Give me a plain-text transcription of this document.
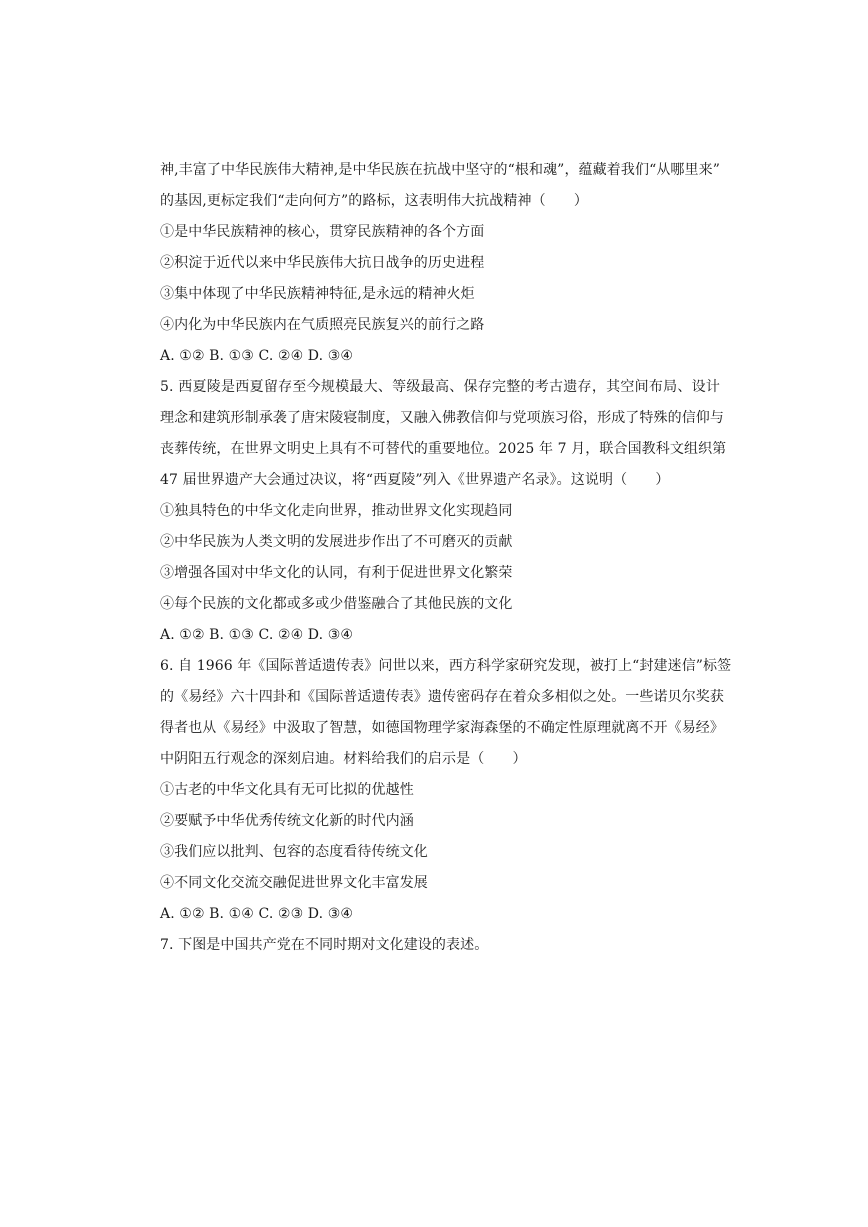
神,丰富了中华民族伟大精神,是中华民族在抗战中坚守的“根和魂”，蕴藏着我们“从哪里来”
的基因,更标定我们“走向何方”的路标，这表明伟大抗战精神（　　）
①是中华民族精神的核心，贯穿民族精神的各个方面
②积淀于近代以来中华民族伟大抗日战争的历史进程
③集中体现了中华民族精神特征,是永远的精神火炬
④内化为中华民族内在气质照亮民族复兴的前行之路
A. ①② B. ①③ C. ②④ D. ③④
5. 西夏陵是西夏留存至今规模最大、等级最高、保存完整的考古遗存，其空间布局、设计
理念和建筑形制承袭了唐宋陵寝制度，又融入佛教信仰与党项族习俗，形成了特殊的信仰与
丧葬传统，在世界文明史上具有不可替代的重要地位。2025 年 7 月，联合国教科文组织第
47 届世界遗产大会通过决议，将“西夏陵”列入《世界遗产名录》。这说明（　　）
①独具特色的中华文化走向世界，推动世界文化实现趋同
②中华民族为人类文明的发展进步作出了不可磨灭的贡献
③增强各国对中华文化的认同，有利于促进世界文化繁荣
④每个民族的文化都或多或少借鉴融合了其他民族的文化
A. ①② B. ①③ C. ②④ D. ③④
6. 自 1966 年《国际普适遗传表》问世以来，西方科学家研究发现，被打上“封建迷信”标签
的《易经》六十四卦和《国际普适遗传表》遗传密码存在着众多相似之处。一些诺贝尔奖获
得者也从《易经》中汲取了智慧，如德国物理学家海森堡的不确定性原理就离不开《易经》
中阴阳五行观念的深刻启迪。材料给我们的启示是（　　）
①古老的中华文化具有无可比拟的优越性
②要赋予中华优秀传统文化新的时代内涵
③我们应以批判、包容的态度看待传统文化
④不同文化交流交融促进世界文化丰富发展
A. ①② B. ①④ C. ②③ D. ③④
7. 下图是中国共产党在不同时期对文化建设的表述。
